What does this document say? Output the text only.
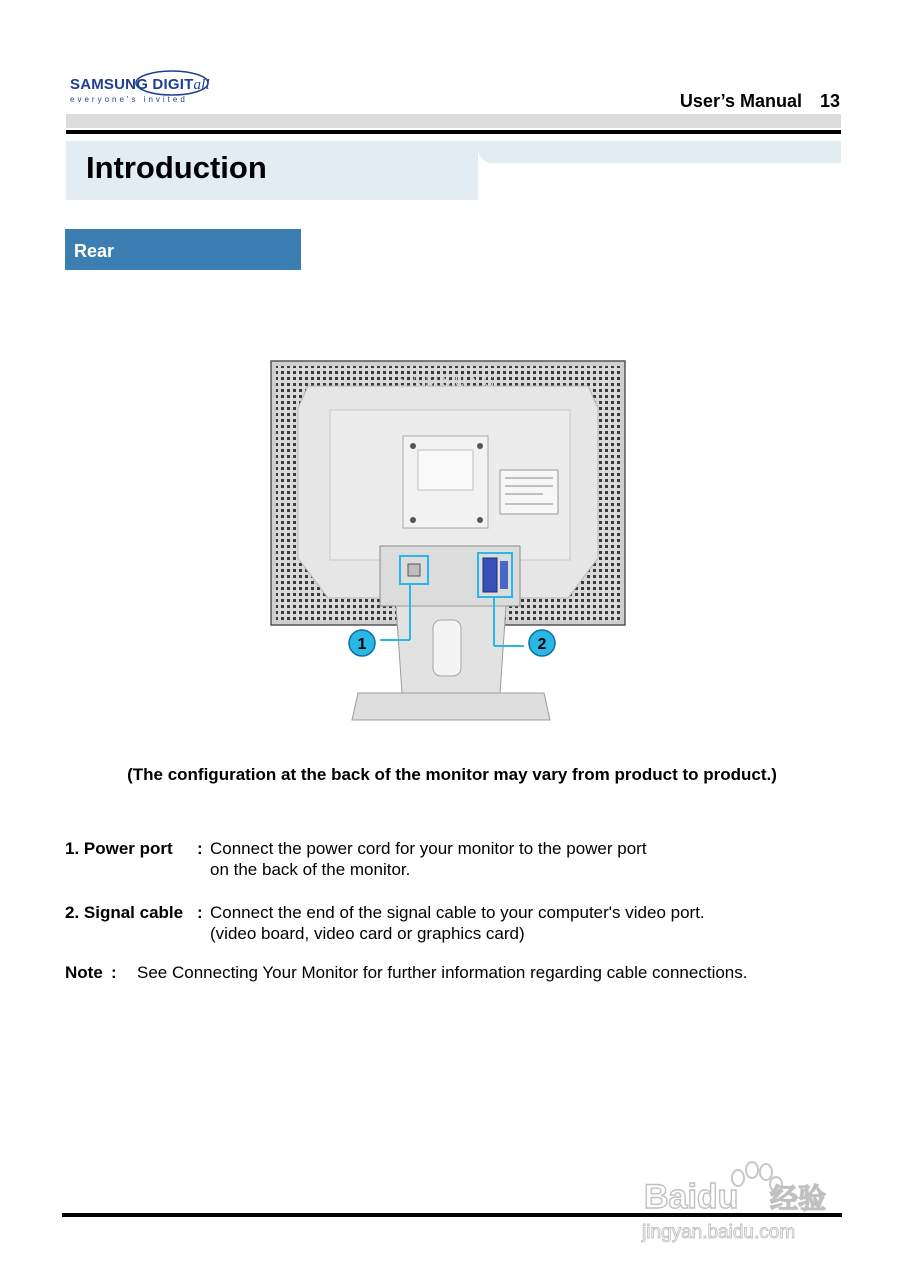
SAMSUNG DIGITall
everyone's invited	User’s Manual 13
Introduction
Rear
SAMSUNG
1	2
(The configuration at the back of the monitor may vary from product to product.)
1. Power port : Connect the power cord for your monitor to the power port
on the back of the monitor.
2. Signal cable : Connect the end of the signal cable to your computer's video port.
(video board, video card or graphics card)
Note : See Connecting Your Monitor for further information regarding cable connections.
Baidu 经验
jingyan.baidu.com
